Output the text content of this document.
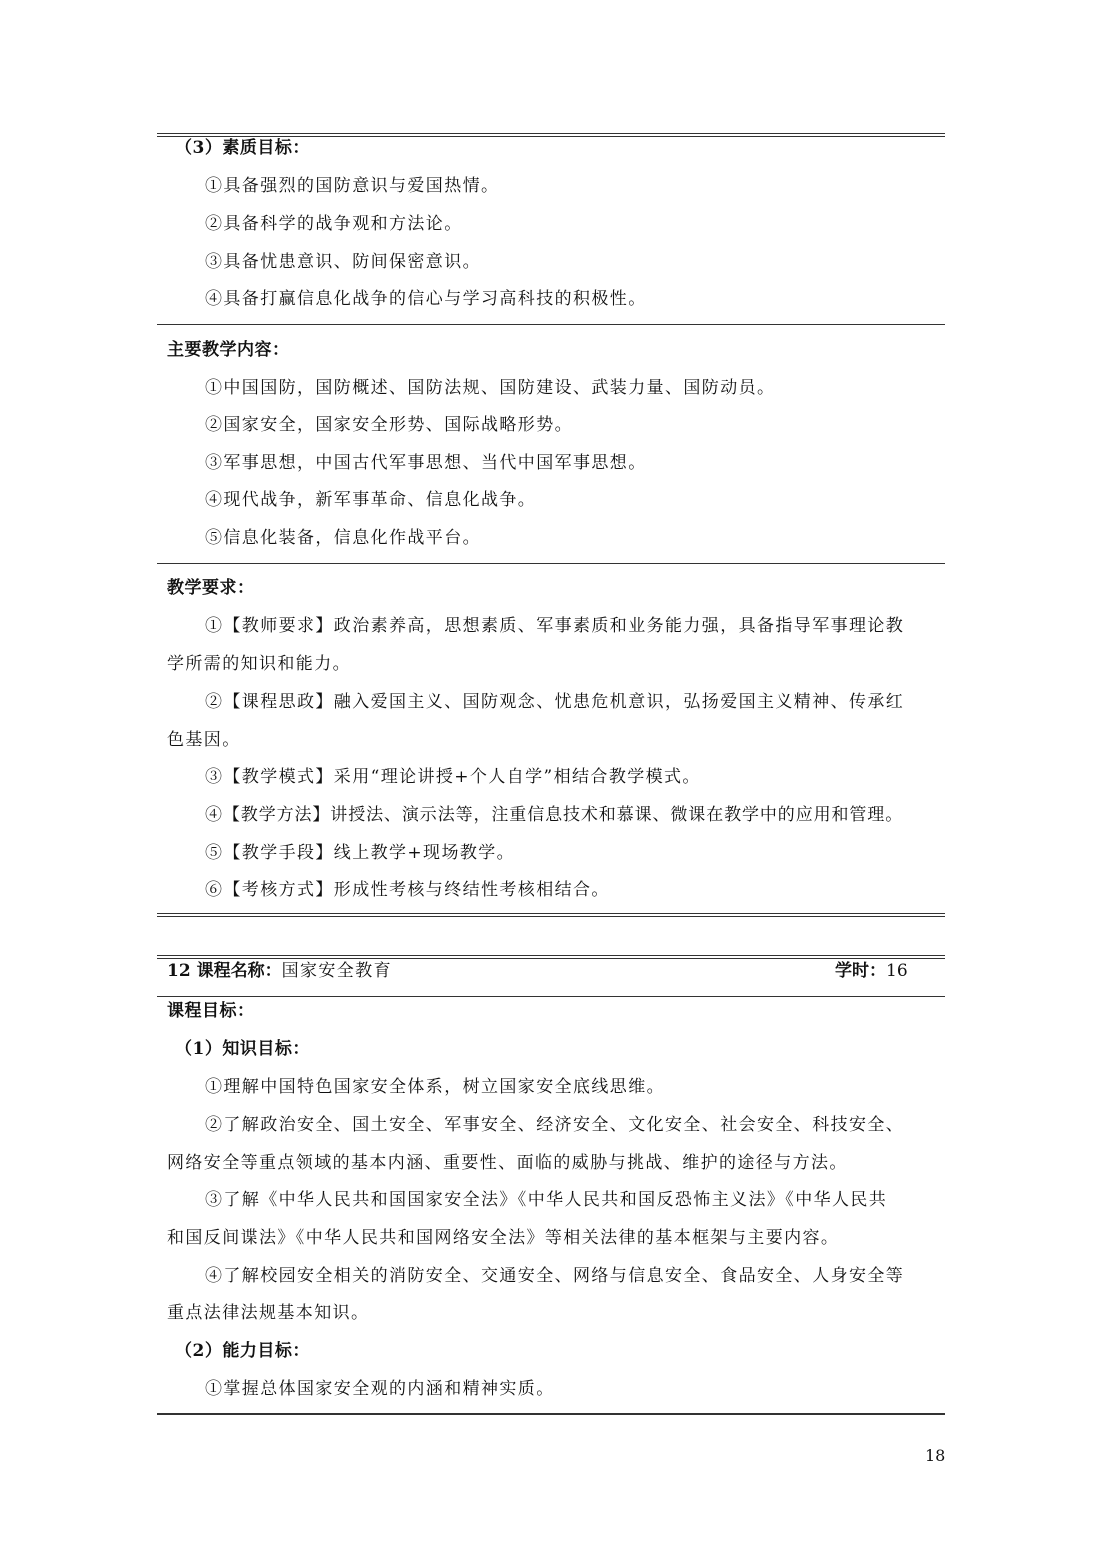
（3）素质目标：
①具备强烈的国防意识与爱国热情。
②具备科学的战争观和方法论。
③具备忧患意识、防间保密意识。
④具备打赢信息化战争的信心与学习高科技的积极性。
主要教学内容：
①中国国防，国防概述、国防法规、国防建设、武装力量、国防动员。
②国家安全，国家安全形势、国际战略形势。
③军事思想，中国古代军事思想、当代中国军事思想。
④现代战争，新军事革命、信息化战争。
⑤信息化装备，信息化作战平台。
教学要求：
①【教师要求】政治素养高，思想素质、军事素质和业务能力强，具备指导军事理论教
学所需的知识和能力。
②【课程思政】融入爱国主义、国防观念、忧患危机意识，弘扬爱国主义精神、传承红
色基因。
③【教学模式】采用“理论讲授+个人自学”相结合教学模式。
④【教学方法】讲授法、演示法等，注重信息技术和慕课、微课在教学中的应用和管理。
⑤【教学手段】线上教学+现场教学。
⑥【考核方式】形成性考核与终结性考核相结合。
12 课程名称：国家安全教育	学时：16
课程目标：
（1）知识目标：
①理解中国特色国家安全体系，树立国家安全底线思维。
②了解政治安全、国土安全、军事安全、经济安全、文化安全、社会安全、科技安全、
网络安全等重点领域的基本内涵、重要性、面临的威胁与挑战、维护的途径与方法。
③了解《中华人民共和国国家安全法》《中华人民共和国反恐怖主义法》《中华人民共
和国反间谍法》《中华人民共和国网络安全法》等相关法律的基本框架与主要内容。
④了解校园安全相关的消防安全、交通安全、网络与信息安全、食品安全、人身安全等
重点法律法规基本知识。
（2）能力目标：
①掌握总体国家安全观的内涵和精神实质。
18
